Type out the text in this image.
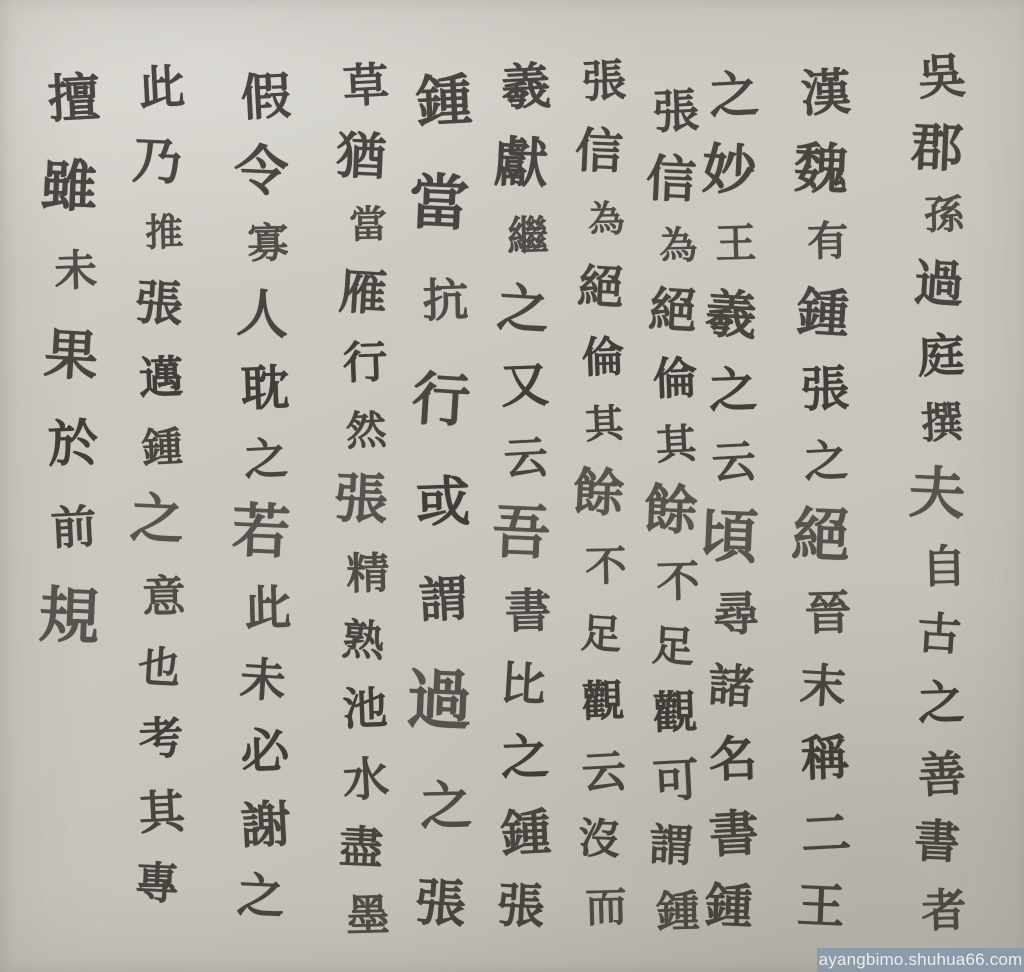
吳
郡
孫
過
庭
撰
夫
自
古
之
善
書
者
漢
魏
有
鍾
張
之
絕
晉
末
稱
二
王
之
妙
王
羲
之
云
頃
尋
諸
名
書
鍾
張
信
為
絕
倫
其
餘
不
足
觀
可
謂
鍾
張
信
為
絕
倫
其
餘
不
足
觀
云
沒
而
羲
獻
繼
之
又
云
吾
書
比
之
鍾
張
鍾
當
抗
行
或
謂
過
之
張
草
猶
當
雁
行
然
張
精
熟
池
水
盡
墨
假
令
寡
人
耽
之
若
此
未
必
謝
之
此
乃
推
張
邁
鍾
之
意
也
考
其
專
擅
雖
未
果
於
前
規
ayangbimo.shuhua66.com
